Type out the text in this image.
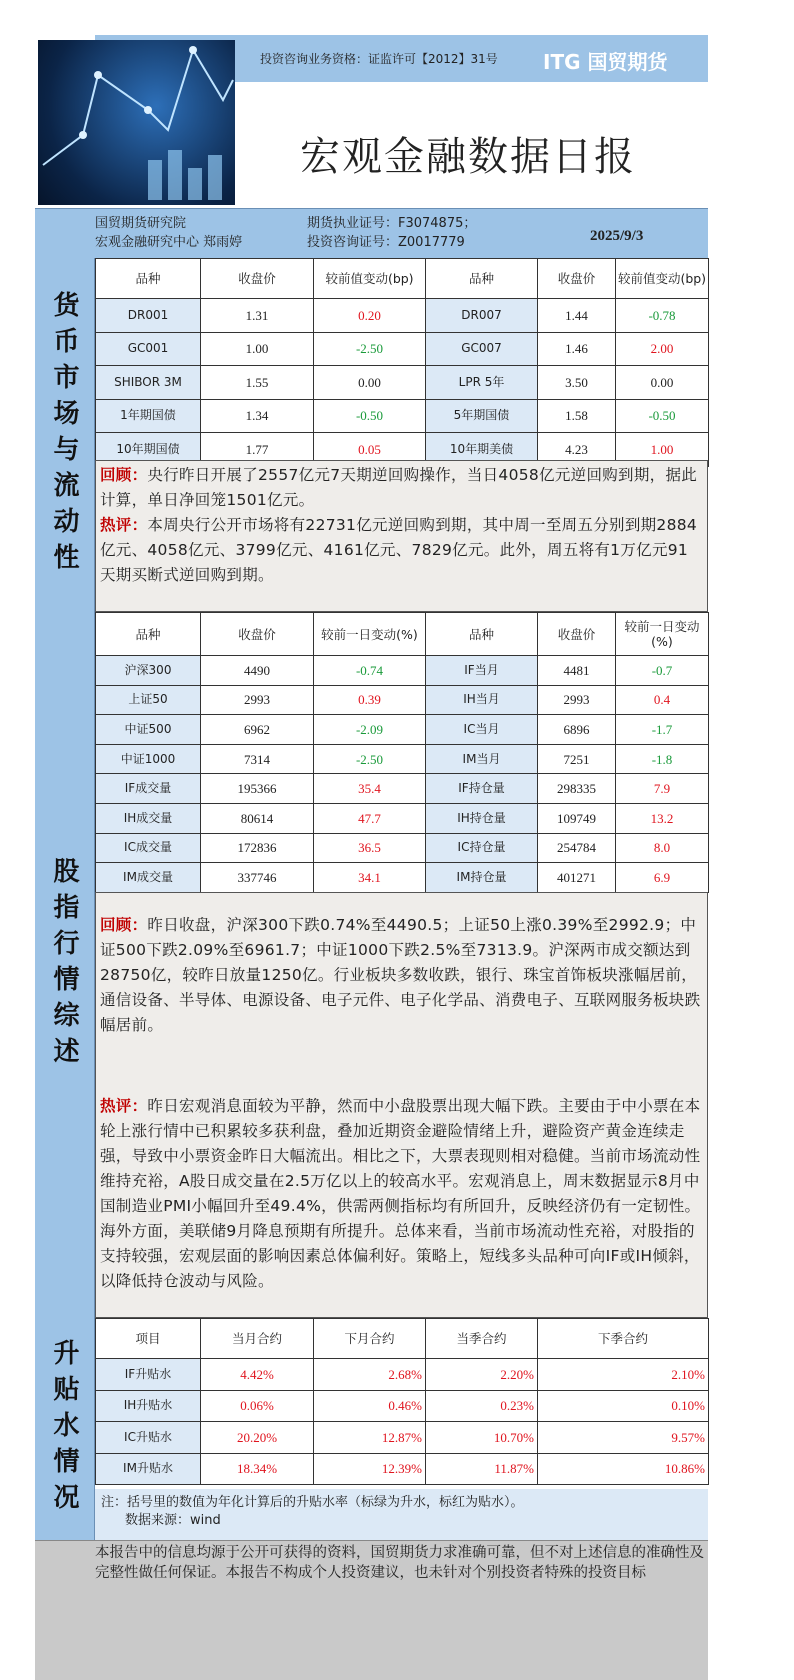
投资咨询业务资格：证监许可【2012】31号 ITG 国贸期货
宏观金融数据日报
国贸期货研究院
宏观金融研究中心 郑雨婷
期货执业证号：F3074875；
投资咨询证号：Z0017779	2025/9/3
货币市场与流动性
品种	收盘价	较前值变动(bp)	品种	收盘价	较前值变动(bp)
DR001	1.31	0.20	DR007	1.44	-0.78
GC001	1.00	-2.50	GC007	1.46	2.00
SHIBOR 3M	1.55	0.00	LPR 5年	3.50	0.00
1年期国债	1.34	-0.50	5年期国债	1.58	-0.50
10年期国债	1.77	0.05	10年期美债	4.23	1.00
回顾：央行昨日开展了2557亿元7天期逆回购操作，当日4058亿元逆回购到期，据此计算，单日净回笼1501亿元。
热评：本周央行公开市场将有22731亿元逆回购到期，其中周一至周五分别到期2884亿元、4058亿元、3799亿元、4161亿元、7829亿元。此外，周五将有1万亿元91天期买断式逆回购到期。
股指行情综述
品种	收盘价	较前一日变动(%)	品种	收盘价	较前一日变动(%)
沪深300	4490	-0.74	IF当月	4481	-0.7
上证50	2993	0.39	IH当月	2993	0.4
中证500	6962	-2.09	IC当月	6896	-1.7
中证1000	7314	-2.50	IM当月	7251	-1.8
IF成交量	195366	35.4	IF持仓量	298335	7.9
IH成交量	80614	47.7	IH持仓量	109749	13.2
IC成交量	172836	36.5	IC持仓量	254784	8.0
IM成交量	337746	34.1	IM持仓量	401271	6.9
回顾：昨日收盘，沪深300下跌0.74%至4490.5；上证50上涨0.39%至2992.9；中证500下跌2.09%至6961.7；中证1000下跌2.5%至7313.9。沪深两市成交额达到28750亿，较昨日放量1250亿。行业板块多数收跌，银行、珠宝首饰板块涨幅居前，通信设备、半导体、电源设备、电子元件、电子化学品、消费电子、互联网服务板块跌幅居前。
热评：昨日宏观消息面较为平静，然而中小盘股票出现大幅下跌。主要由于中小票在本轮上涨行情中已积累较多获利盘，叠加近期资金避险情绪上升，避险资产黄金连续走强，导致中小票资金昨日大幅流出。相比之下，大票表现则相对稳健。当前市场流动性维持充裕，A股日成交量在2.5万亿以上的较高水平。宏观消息上，周末数据显示8月中国制造业PMI小幅回升至49.4%，供需两侧指标均有所回升，反映经济仍有一定韧性。海外方面，美联储9月降息预期有所提升。总体来看，当前市场流动性充裕，对股指的支持较强，宏观层面的影响因素总体偏利好。策略上，短线多头品种可向IF或IH倾斜，以降低持仓波动与风险。
升贴水情况
项目	当月合约	下月合约	当季合约	下季合约
IF升贴水	4.42%	2.68%	2.20%	2.10%
IH升贴水	0.06%	0.46%	0.23%	0.10%
IC升贴水	20.20%	12.87%	10.70%	9.57%
IM升贴水	18.34%	12.39%	11.87%	10.86%
注：括号里的数值为年化计算后的升贴水率（标绿为升水，标红为贴水）。
数据来源：wind
本报告中的信息均源于公开可获得的资料，国贸期货力求准确可靠，但不对上述信息的准确性及完整性做任何保证。本报告不构成个人投资建议，也未针对个别投资者特殊的投资目标
